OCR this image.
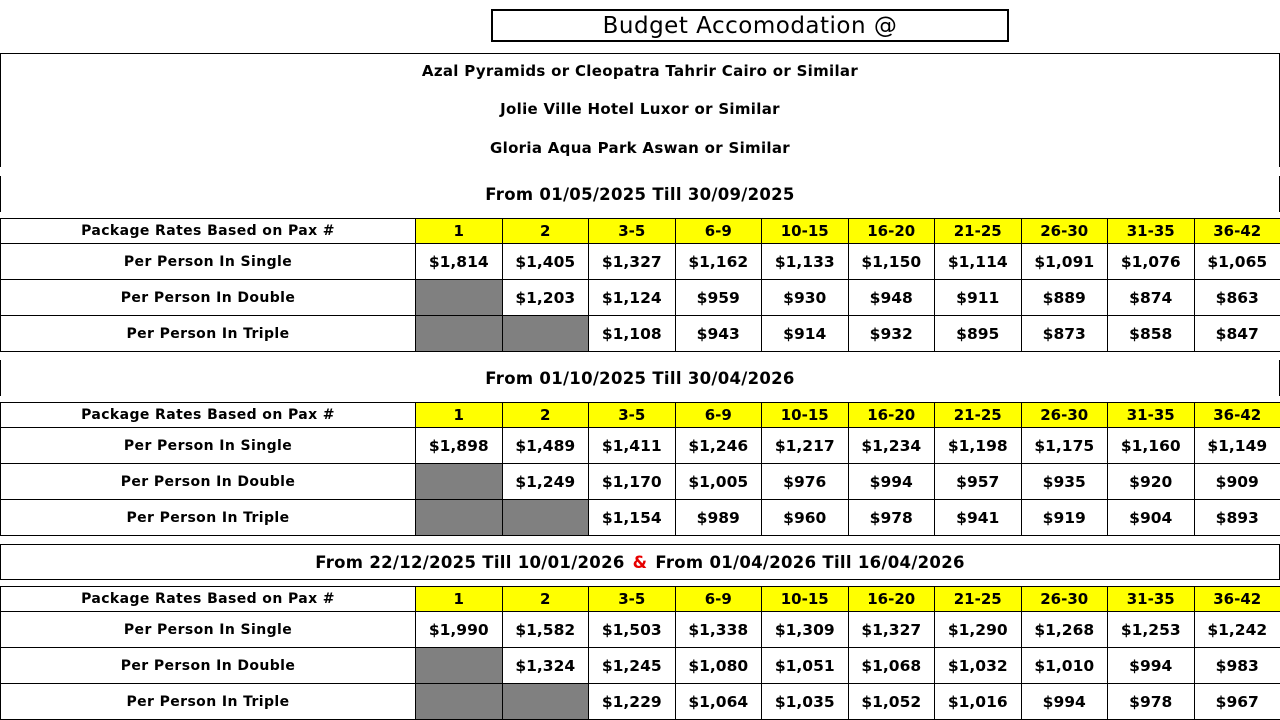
Budget Accomodation @
Azal Pyramids or Cleopatra Tahrir Cairo or Similar
Jolie Ville Hotel Luxor or Similar
Gloria Aqua Park Aswan or Similar
From 01/05/2025 Till 30/09/2025
Package Rates Based on Pax #	1	2	3-5	6-9	10-15	16-20	21-25	26-30	31-35	36-42
Per Person In Single	$1,814	$1,405	$1,327	$1,162	$1,133	$1,150	$1,114	$1,091	$1,076	$1,065
Per Person In Double		$1,203	$1,124	$959	$930	$948	$911	$889	$874	$863
Per Person In Triple			$1,108	$943	$914	$932	$895	$873	$858	$847
From 01/10/2025 Till 30/04/2026
Package Rates Based on Pax #	1	2	3-5	6-9	10-15	16-20	21-25	26-30	31-35	36-42
Per Person In Single	$1,898	$1,489	$1,411	$1,246	$1,217	$1,234	$1,198	$1,175	$1,160	$1,149
Per Person In Double		$1,249	$1,170	$1,005	$976	$994	$957	$935	$920	$909
Per Person In Triple			$1,154	$989	$960	$978	$941	$919	$904	$893
From 22/12/2025 Till 10/01/2026 & From 01/04/2026 Till 16/04/2026
Package Rates Based on Pax #	1	2	3-5	6-9	10-15	16-20	21-25	26-30	31-35	36-42
Per Person In Single	$1,990	$1,582	$1,503	$1,338	$1,309	$1,327	$1,290	$1,268	$1,253	$1,242
Per Person In Double		$1,324	$1,245	$1,080	$1,051	$1,068	$1,032	$1,010	$994	$983
Per Person In Triple			$1,229	$1,064	$1,035	$1,052	$1,016	$994	$978	$967
